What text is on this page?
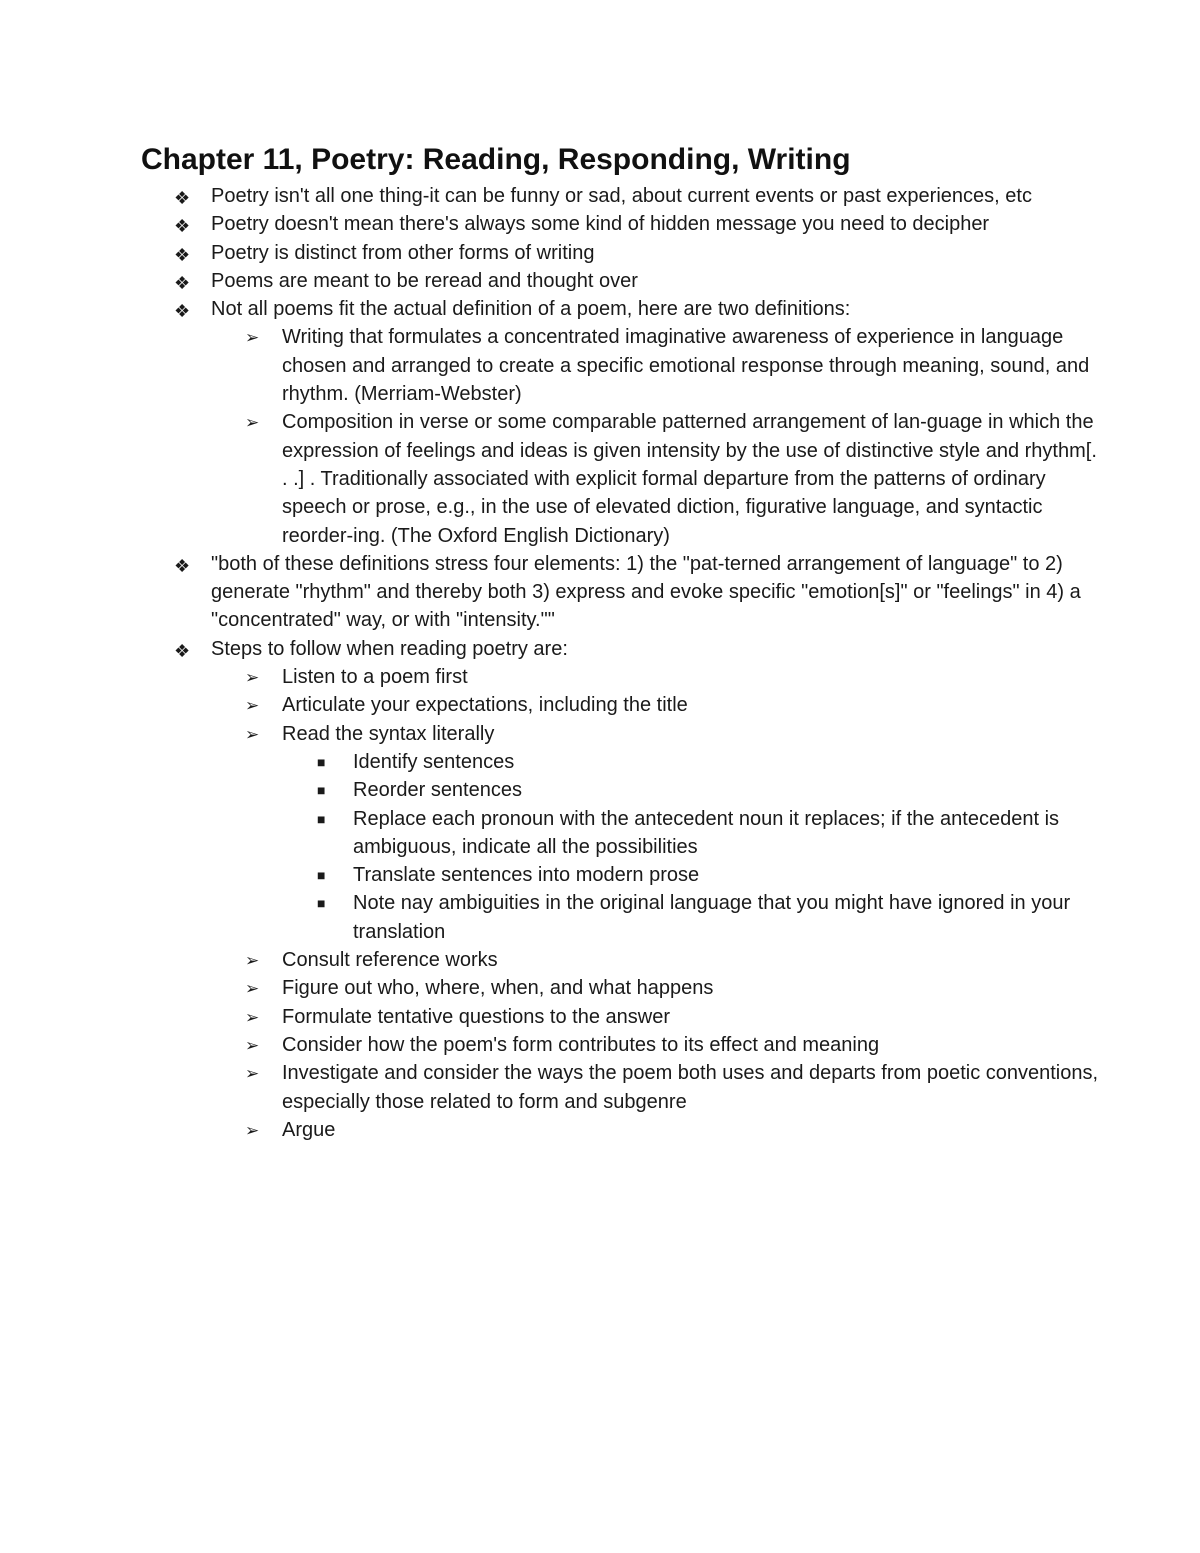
Chapter 11, Poetry: Reading, Responding, Writing
❖ Poetry isn't all one thing-it can be funny or sad, about current events or past experiences, etc
❖ Poetry doesn't mean there's always some kind of hidden message you need to decipher
❖ Poetry is distinct from other forms of writing
❖ Poems are meant to be reread and thought over
❖ Not all poems fit the actual definition of a poem, here are two definitions:
➢ Writing that formulates a concentrated imaginative awareness of experience in language chosen and arranged to create a specific emotional response through meaning, sound, and rhythm. (Merriam-Webster)
➢ Composition in verse or some comparable patterned arrangement of lan-guage in which the expression of feelings and ideas is given intensity by the use of distinctive style and rhythm[. . .] . Traditionally associated with explicit formal departure from the patterns of ordinary speech or prose, e.g., in the use of elevated diction, figurative language, and syntactic reorder-ing. (The Oxford English Dictionary)
❖ "both of these definitions stress four elements: 1) the "pat-terned arrangement of language" to 2) generate "rhythm" and thereby both 3) express and evoke specific "emotion[s]" or "feelings" in 4) a "concentrated" way, or with "intensity.""
❖ Steps to follow when reading poetry are:
➢ Listen to a poem first
➢ Articulate your expectations, including the title
➢ Read the syntax literally
■ Identify sentences
■ Reorder sentences
■ Replace each pronoun with the antecedent noun it replaces; if the antecedent is ambiguous, indicate all the possibilities
■ Translate sentences into modern prose
■ Note nay ambiguities in the original language that you might have ignored in your translation
➢ Consult reference works
➢ Figure out who, where, when, and what happens
➢ Formulate tentative questions to the answer
➢ Consider how the poem's form contributes to its effect and meaning
➢ Investigate and consider the ways the poem both uses and departs from poetic conventions, especially those related to form and subgenre
➢ Argue
